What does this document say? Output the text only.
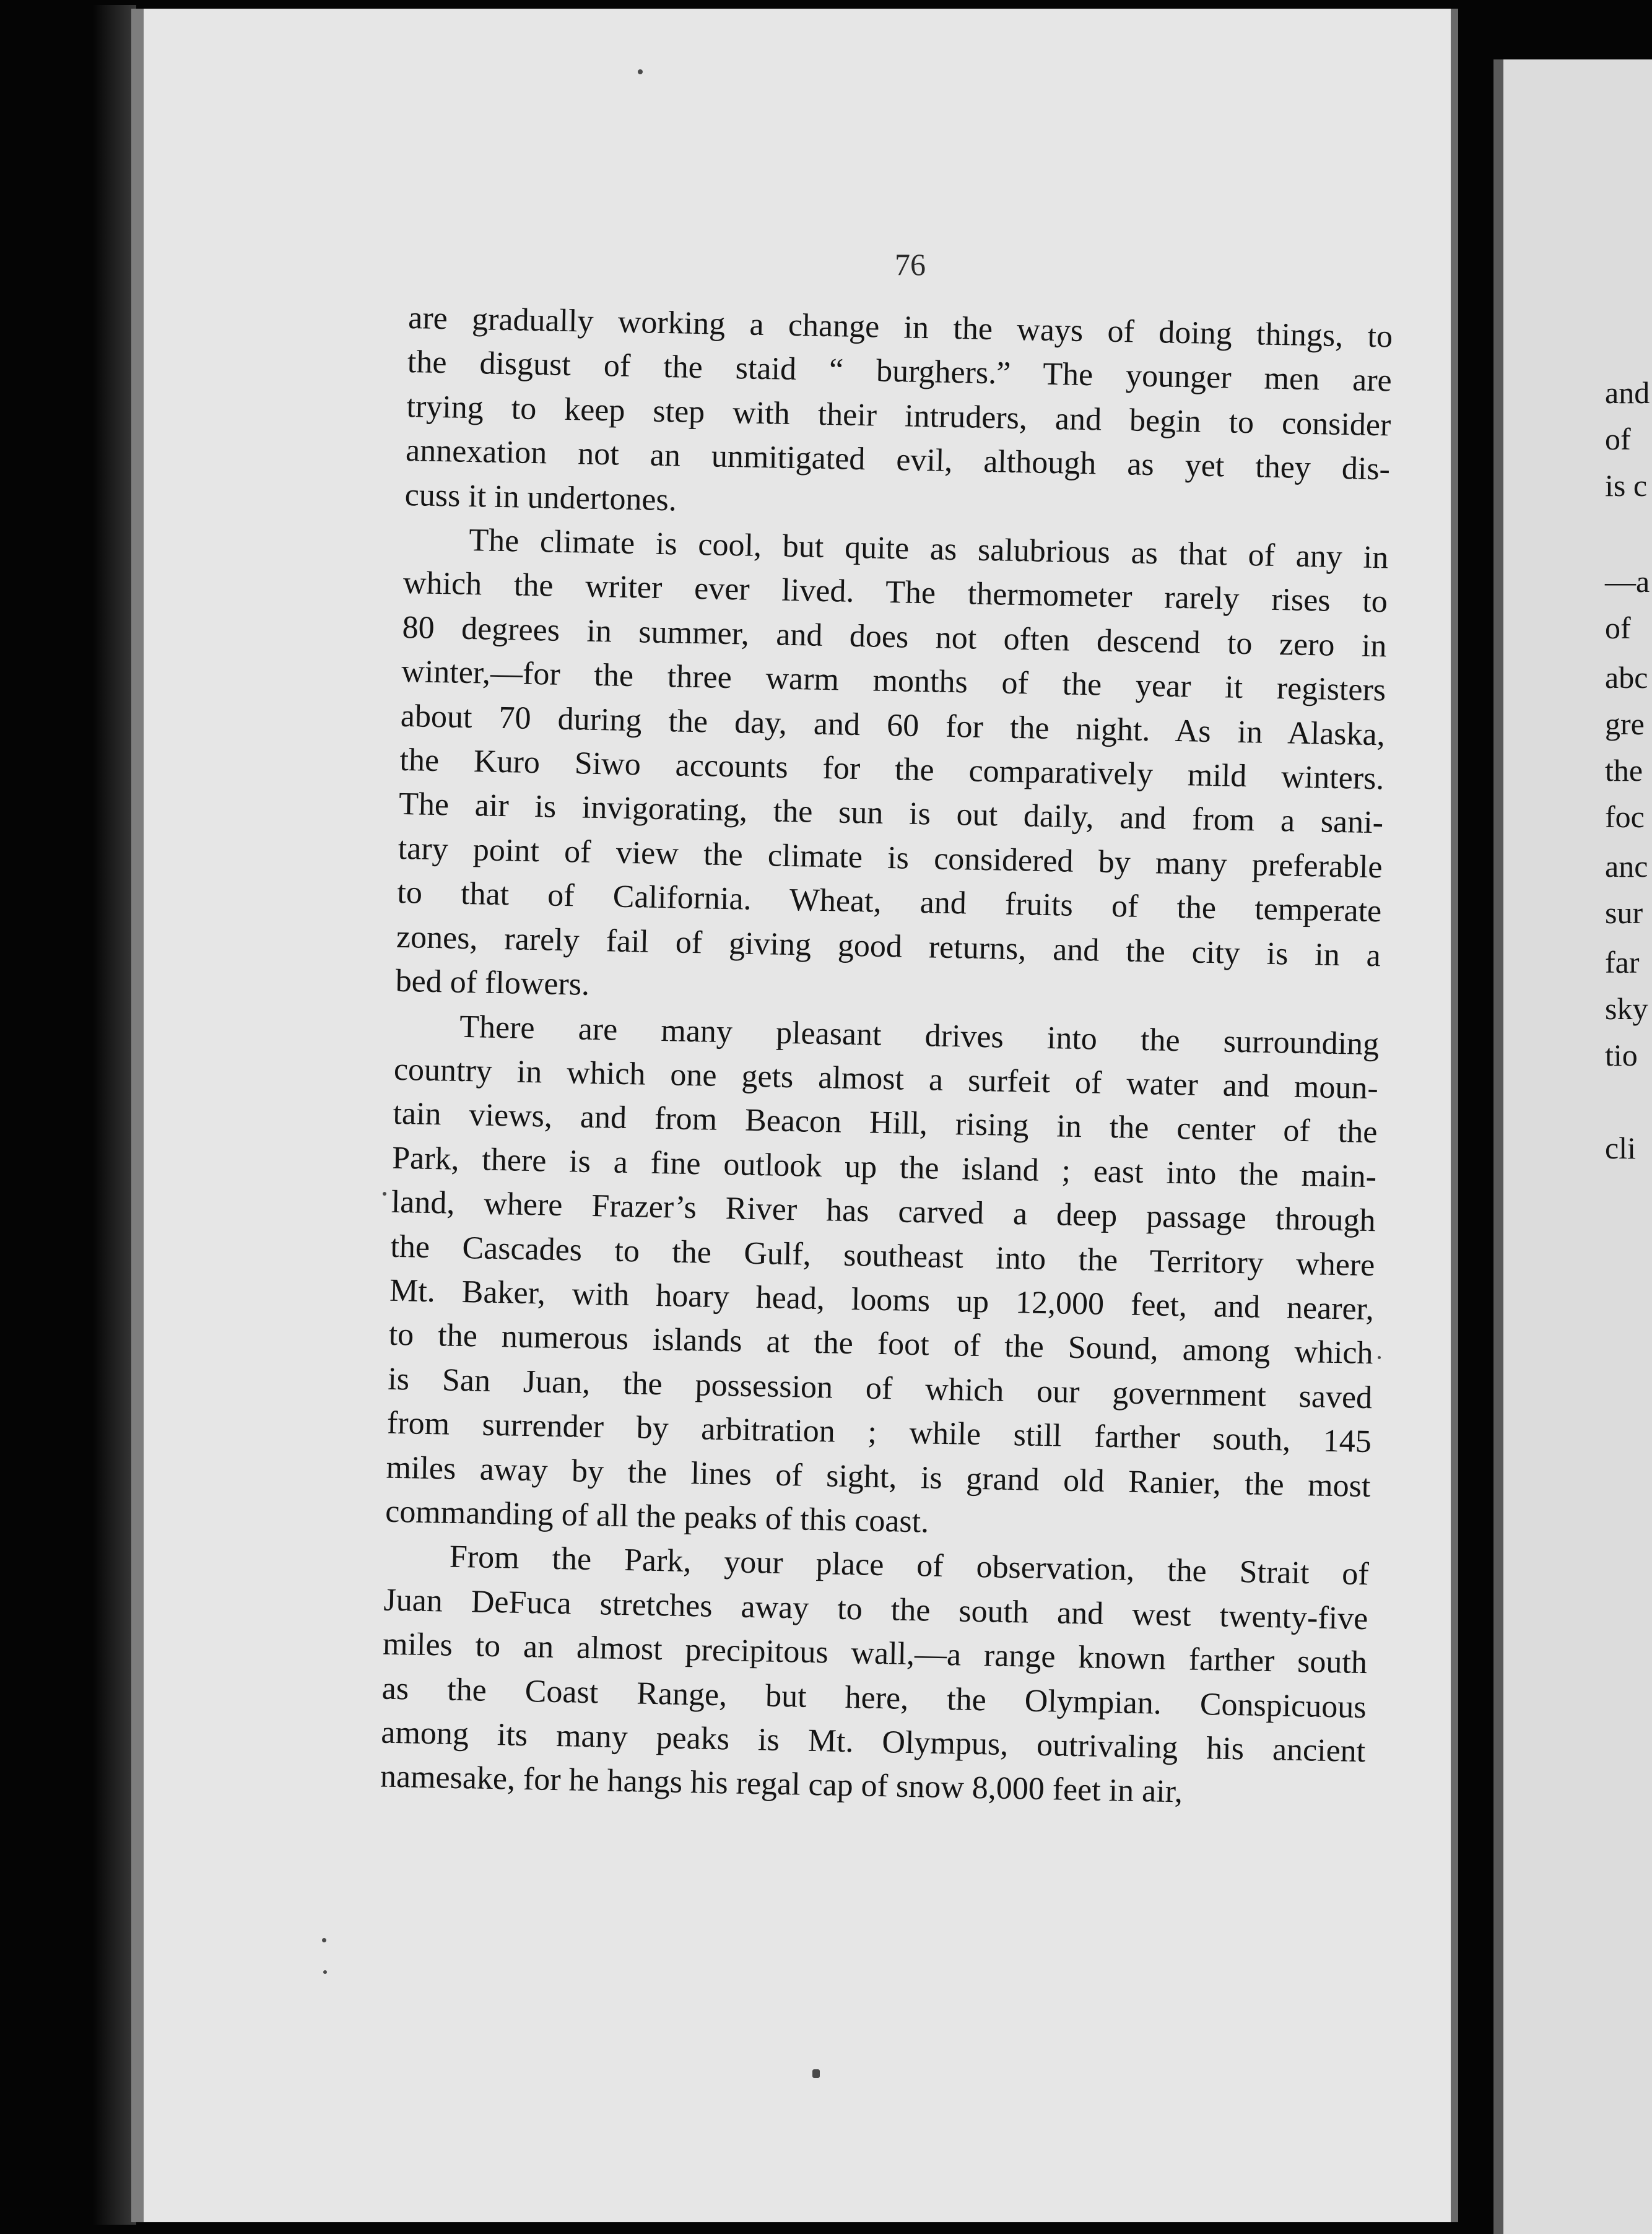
76
are gradually working a change in the ways of doing things, to
the disgust of the staid “ burghers.” The younger men are
trying to keep step with their intruders, and begin to consider
annexation not an unmitigated evil, although as yet they dis-
cuss it in undertones.
The climate is cool, but quite as salubrious as that of any in
which the writer ever lived. The thermometer rarely rises to
80 degrees in summer, and does not often descend to zero in
winter,—for the three warm months of the year it registers
about 70 during the day, and 60 for the night. As in Alaska,
the Kuro Siwo accounts for the comparatively mild winters.
The air is invigorating, the sun is out daily, and from a sani-
tary point of view the climate is considered by many preferable
to that of California. Wheat, and fruits of the temperate
zones, rarely fail of giving good returns, and the city is in a
bed of flowers.
There are many pleasant drives into the surrounding
country in which one gets almost a surfeit of water and moun-
tain views, and from Beacon Hill, rising in the center of the
Park, there is a fine outlook up the island ; east into the main-
land, where Frazer’s River has carved a deep passage through
the Cascades to the Gulf, southeast into the Territory where
Mt. Baker, with hoary head, looms up 12,000 feet, and nearer,
to the numerous islands at the foot of the Sound, among which
is San Juan, the possession of which our government saved
from surrender by arbitration ; while still farther south, 145
miles away by the lines of sight, is grand old Ranier, the most
commanding of all the peaks of this coast.
From the Park, your place of observation, the Strait of
Juan DeFuca stretches away to the south and west twenty-five
miles to an almost precipitous wall,—a range known farther south
as the Coast Range, but here, the Olympian. Conspicuous
among its many peaks is Mt. Olympus, outrivaling his ancient
namesake, for he hangs his regal cap of snow 8,000 feet in air,
and
of
is c
—a
of
abc
gre
the
foc
anc
sur
far
sky
tio
cli
